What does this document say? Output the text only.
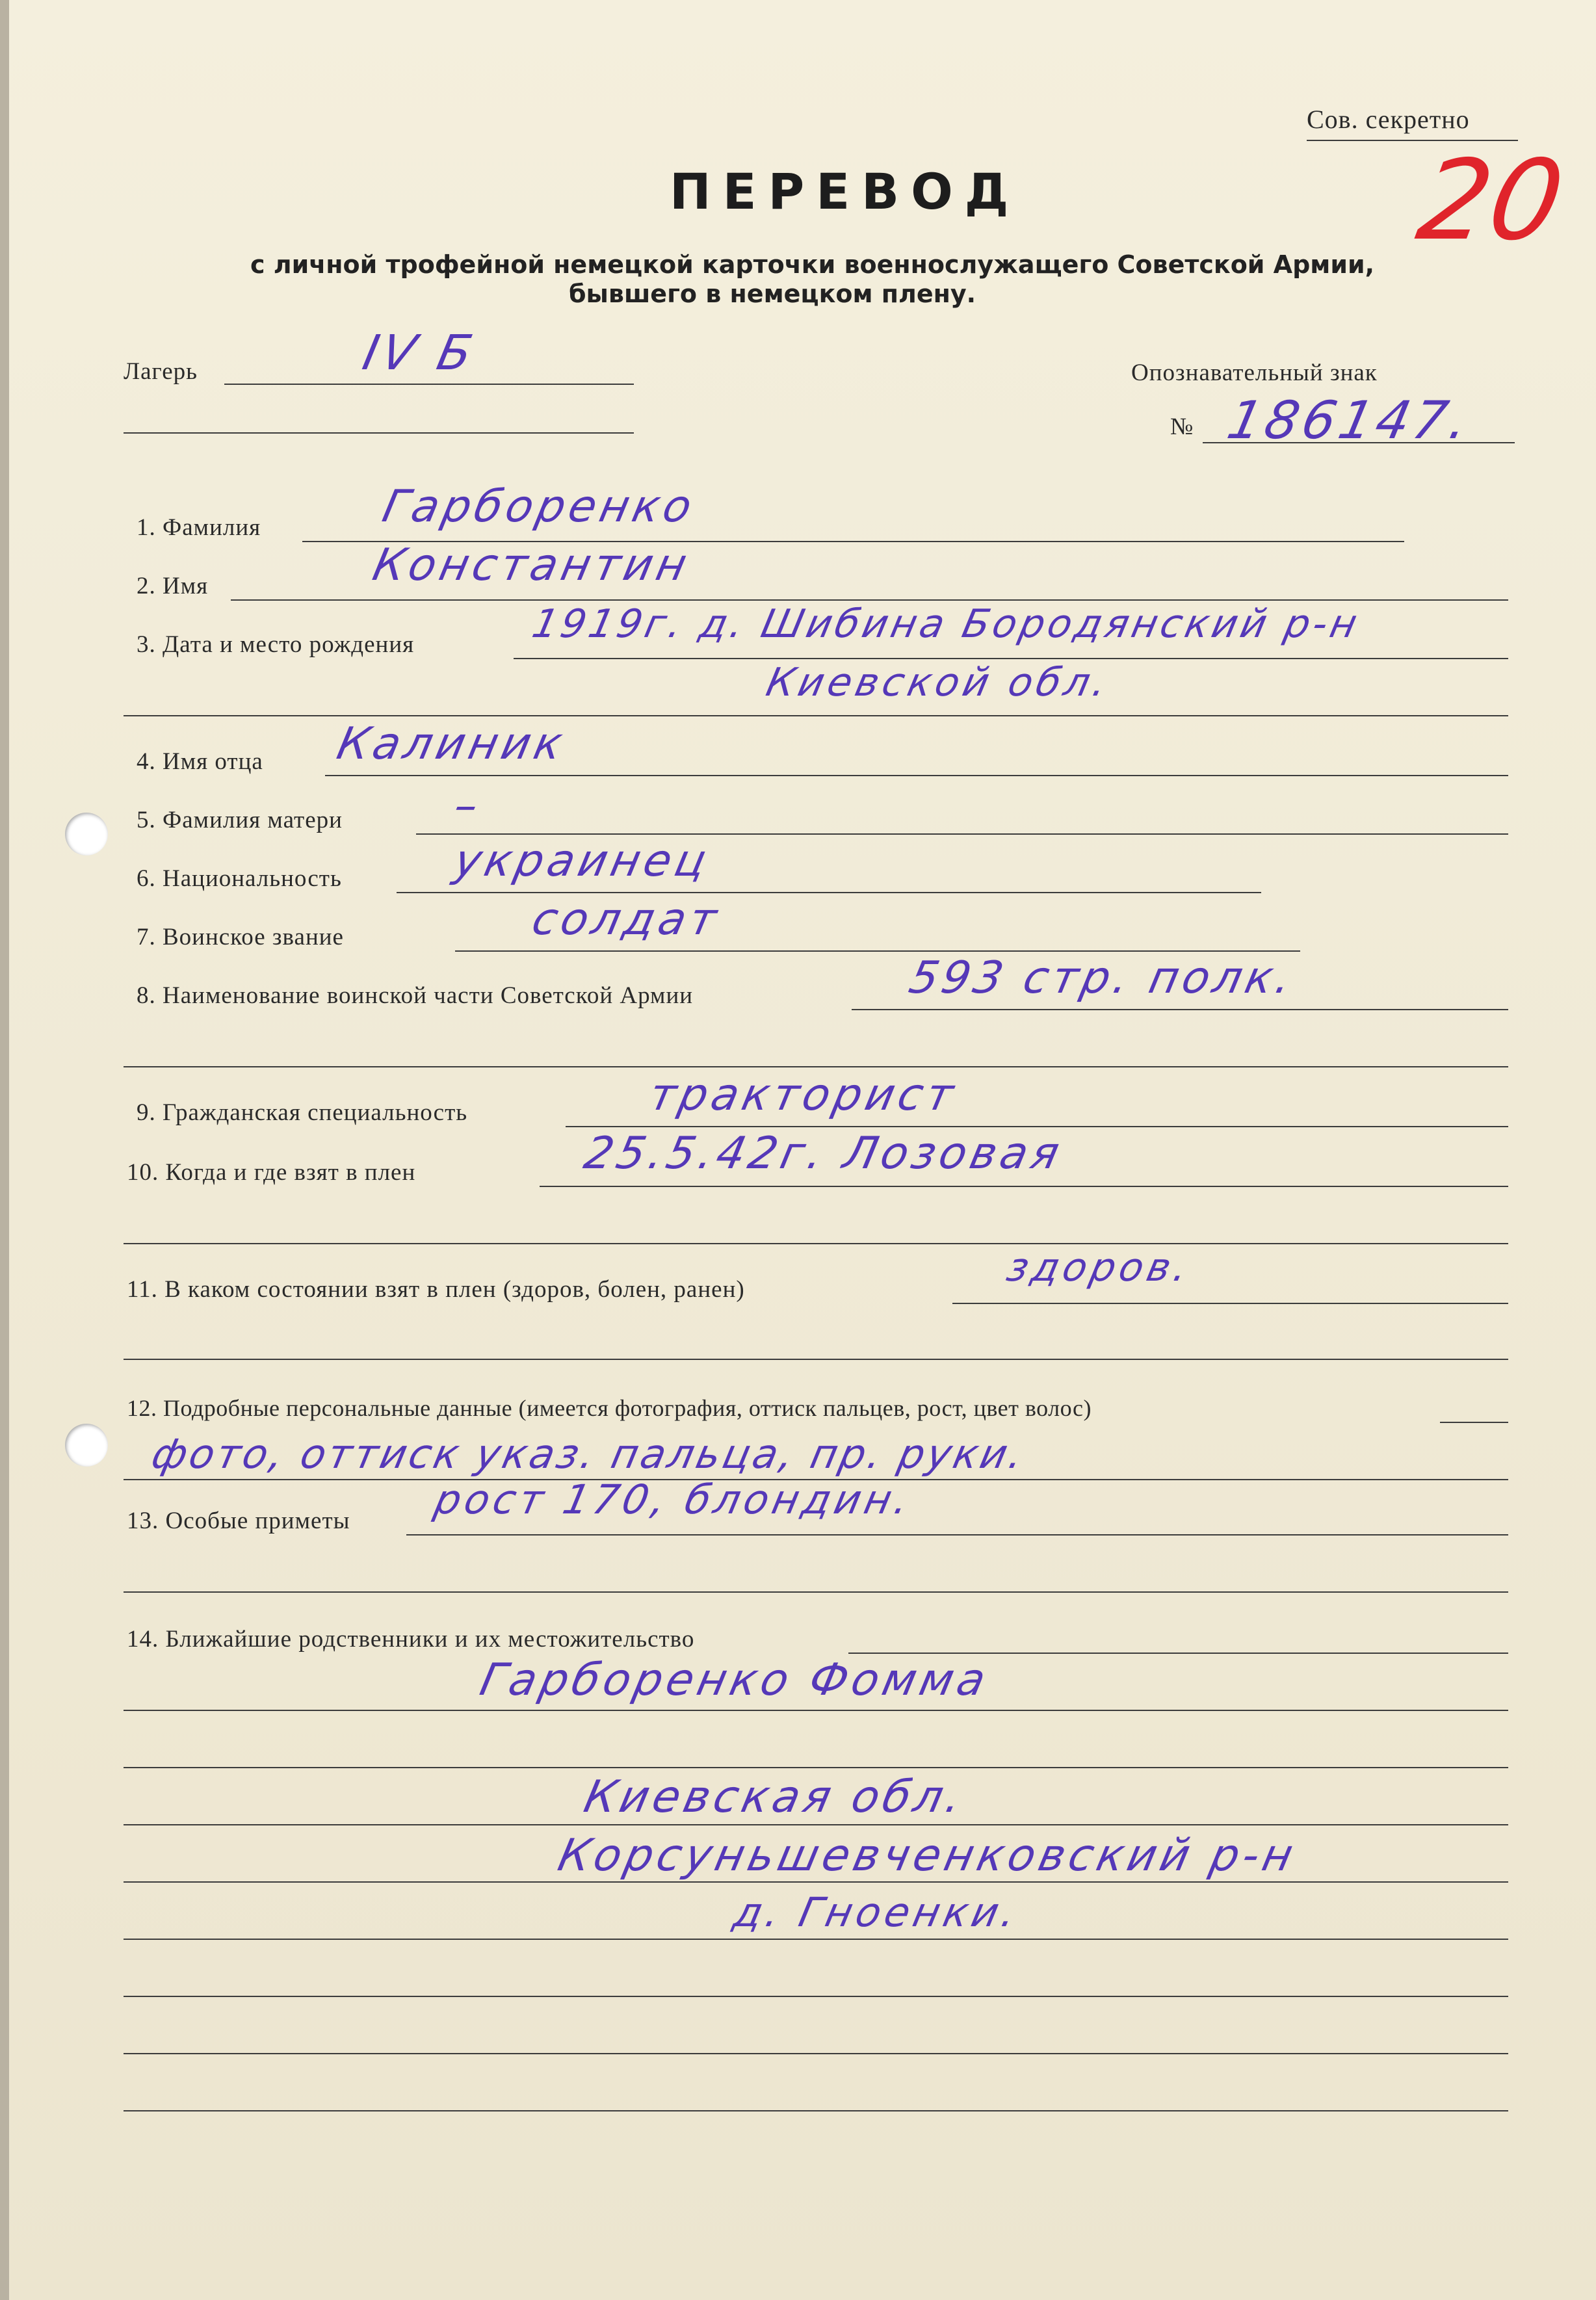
Сов. секретно
20
ПЕРЕВОД
с личной трофейной немецкой карточки военнослужащего Советской Армии,
бывшего в немецком плену.
Лагерь	IV Б	Опознавательный знак
№ 186147.
1. Фамилия	Гарбоpенко
2. Имя	Константин
3. Дата и место рождения	1919г. д. Шибина Бородянский р-н
Киевской обл.
4. Имя отца Калиник
5. Фамилия матери –
6. Национальность украинец
7. Воинское звание	солдат
8. Наименование воинской части Советской Армии	593 стр. полк.
9. Гражданская специальность	тракторист
10. Когда и где взят в плен	25.5.42г. Лозовая
11. В каком состоянии взят в плен (здоров, болен, ранен)	здоров.
12. Подробные персональные данные (имеется фотография, оттиск пальцев, рост, цвет волос)
фото, оттиск указ. пальца, пр. руки.
13. Особые приметы рост 170, блондин.
14. Ближайшие родственники и их местожительство
Гарбоpенко Фомма
Киевская обл.
Корсуньшевченковский р-н
д. Гноенки.
